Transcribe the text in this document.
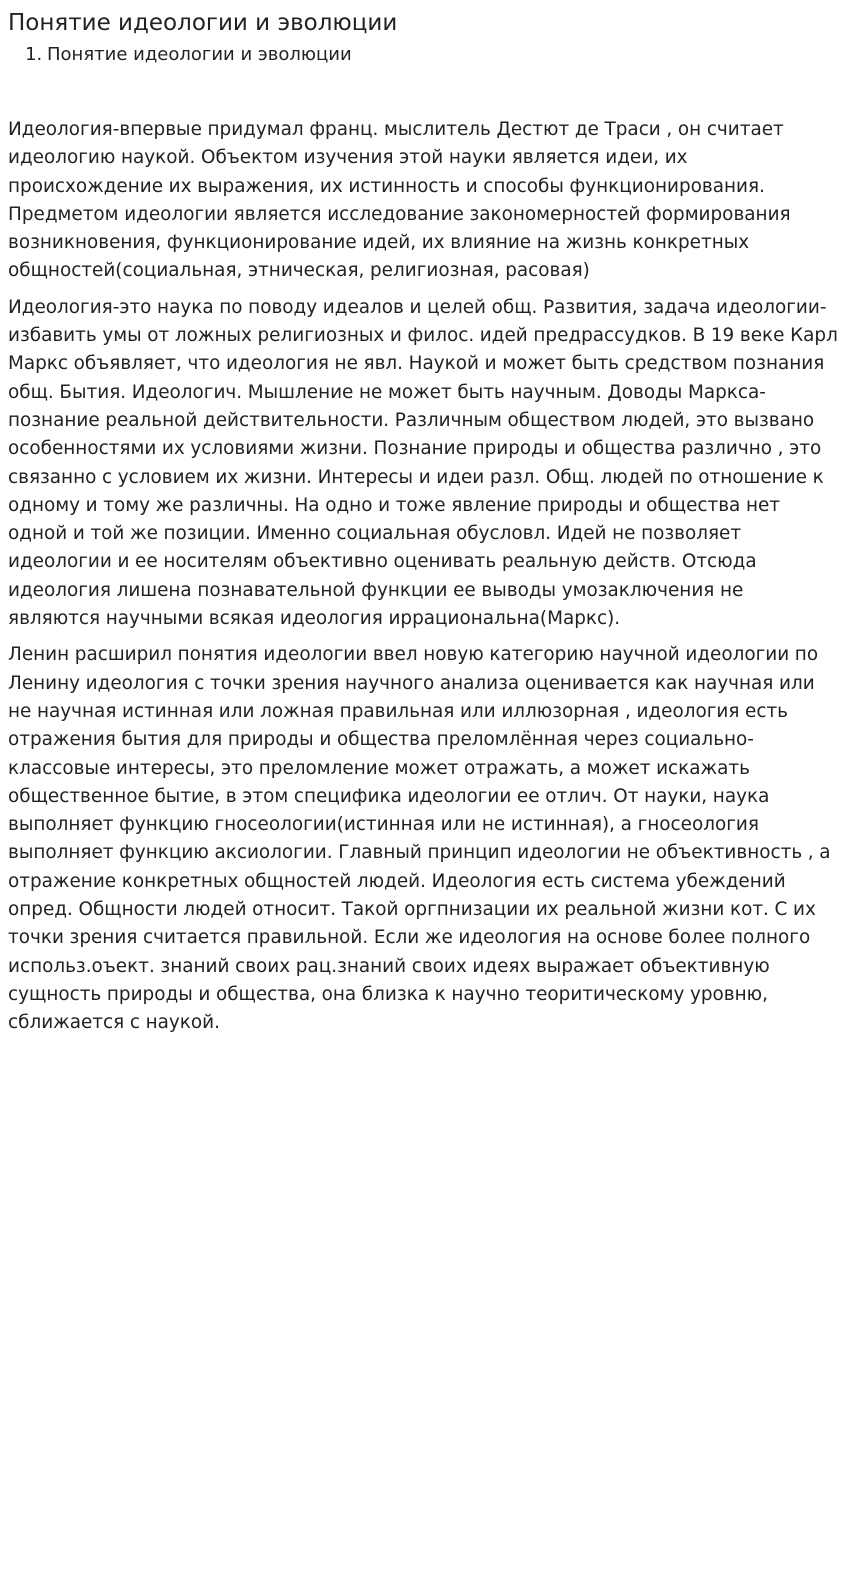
Понятие идеологии и эволюции
1. Понятие идеологии и эволюции

Идеология-впервые придумал франц. мыслитель Дестют де Траси , он считает идеологию наукой. Объектом изучения этой науки является идеи, их происхождение их выражения, их истинность и способы функционирования. Предметом идеологии является исследование закономерностей формирования возникновения, функционирование идей, их влияние на жизнь конкретных общностей(социальная, этническая, религиозная, расовая)

Идеология-это наука по поводу идеалов и целей общ. Развития, задача идеологии-избавить умы от ложных религиозных и филос. идей предрассудков. В 19 веке Карл Маркс объявляет, что идеология не явл. Наукой и может быть средством познания общ. Бытия. Идеологич. Мышление не может быть научным. Доводы Маркса-познание реальной действительности. Различным обществом людей, это вызвано особенностями их условиями жизни. Познание природы и общества различно , это связанно с условием их жизни. Интересы и идеи разл. Общ. людей по отношение к одному и тому же различны. На одно и тоже явление природы и общества нет одной и той же позиции. Именно социальная обусловл. Идей не позволяет идеологии и ее носителям объективно оценивать реальную действ. Отсюда идеология лишена познавательной функции ее выводы умозаключения не являются научными всякая идеология иррациональна(Маркс).

Ленин расширил понятия идеологии ввел новую категорию научной идеологии по Ленину идеология с точки зрения научного анализа оценивается как научная или не научная истинная или ложная правильная или иллюзорная , идеология есть отражения бытия для природы и общества преломлённая через социально-классовые интересы, это преломление может отражать, а может искажать общественное бытие, в этом специфика идеологии ее отлич. От науки, наука выполняет функцию гносеологии(истинная или не истинная), а гносеология выполняет функцию аксиологии. Главный принцип идеологии не объективность , а отражение конкретных общностей людей. Идеология есть система убеждений опред. Общности людей относит. Такой оргпнизации их реальной жизни кот. С их точки зрения считается правильной. Если же идеология на основе более полного использ.оъект. знаний своих рац.знаний своих идеях выражает объективную сущность природы и общества, она близка к научно теоритическому уровню, сближается с наукой.
